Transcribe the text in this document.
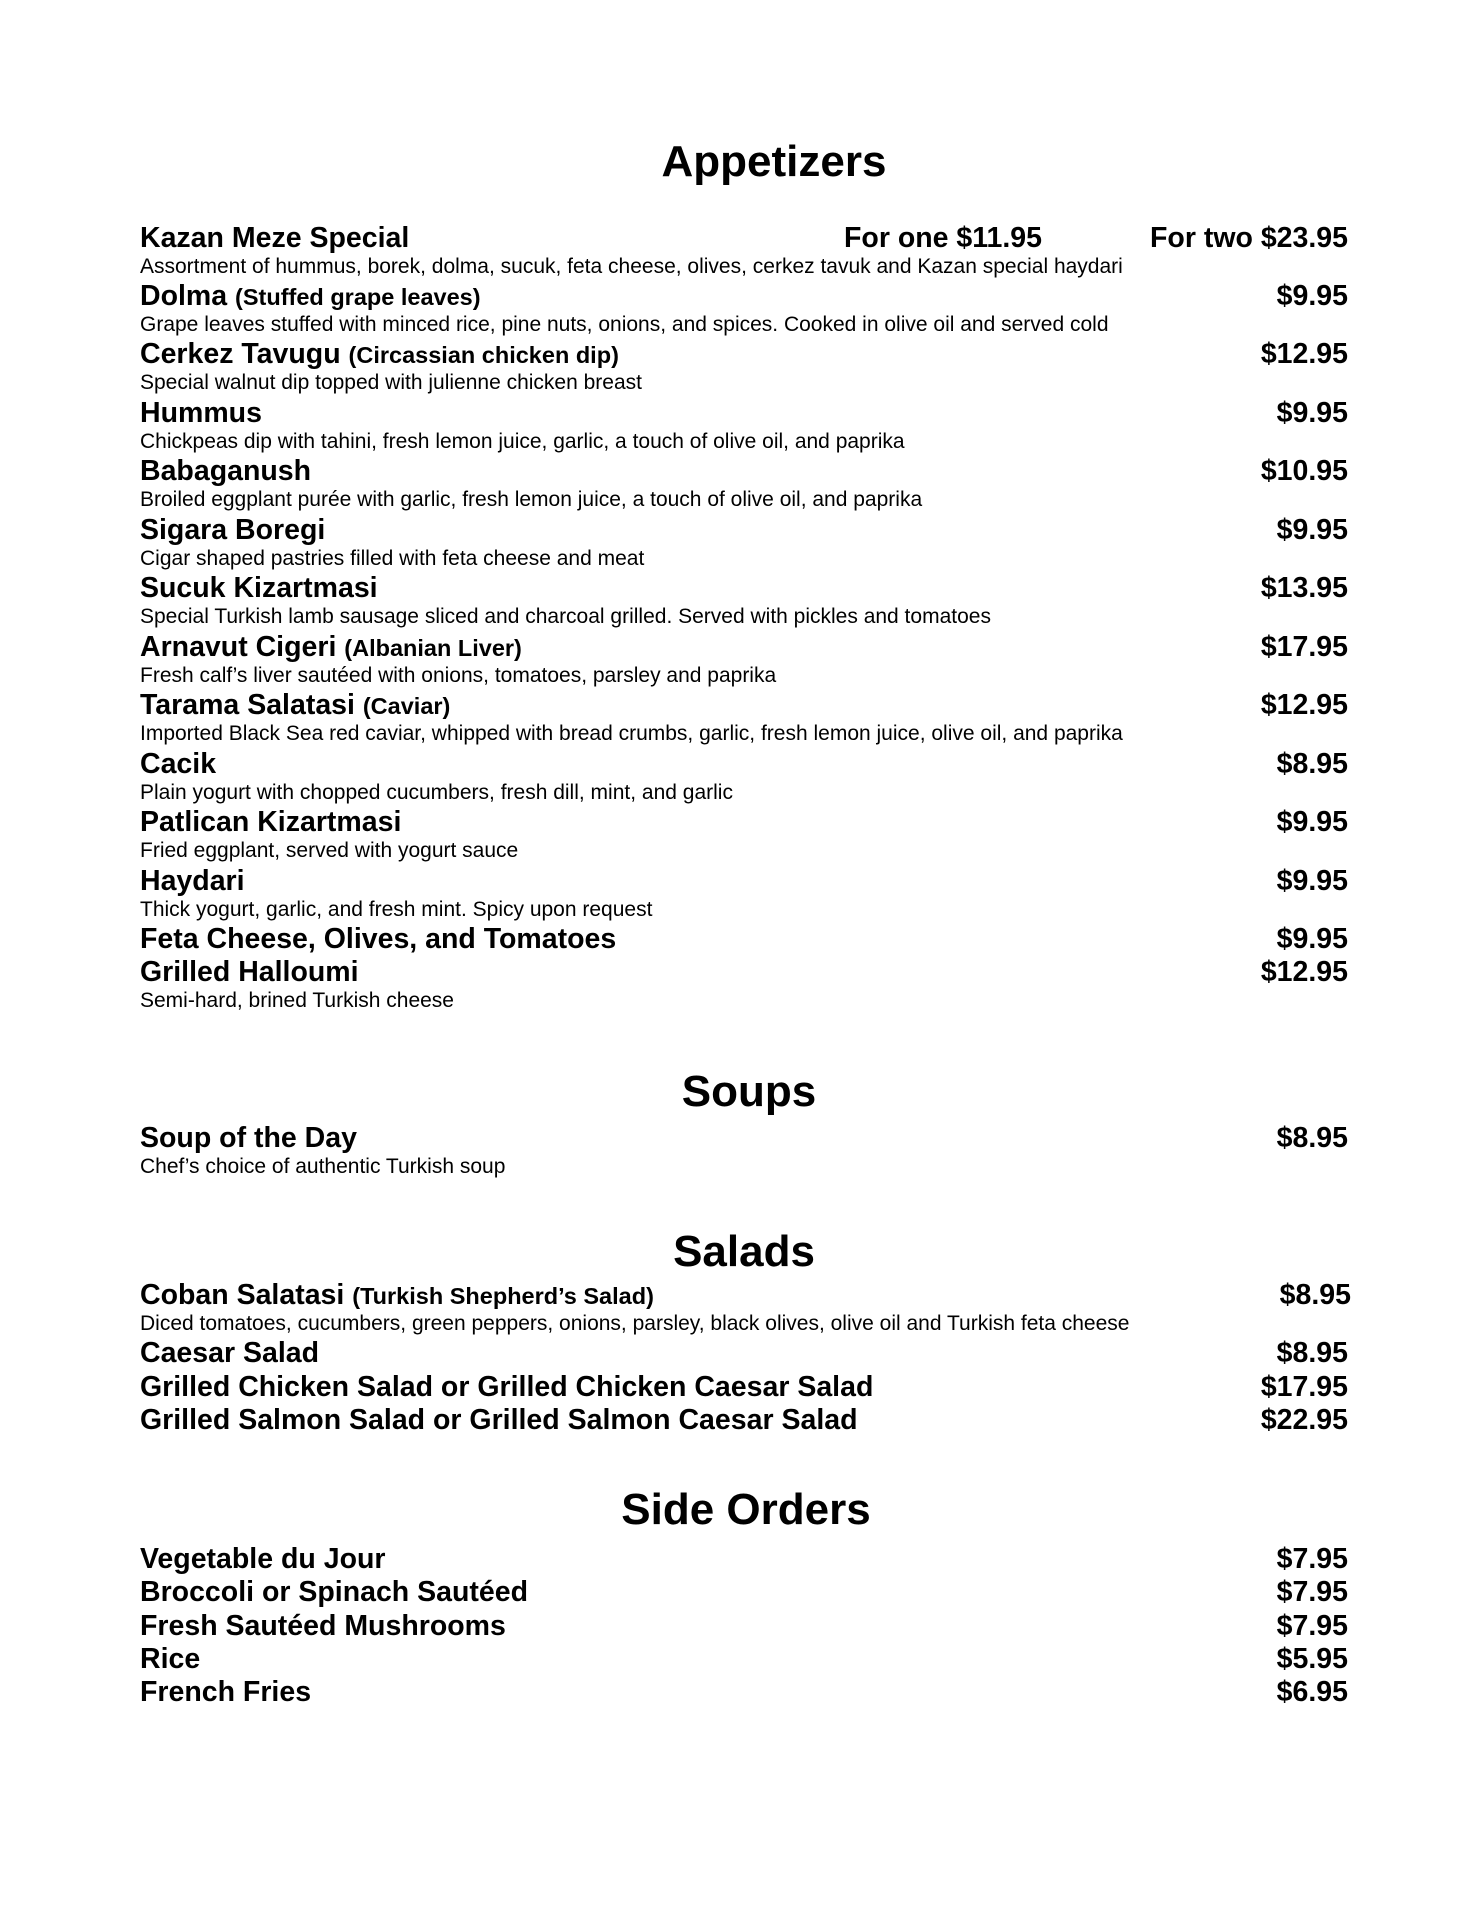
Appetizers
Kazan Meze Special	For one $11.95	For two $23.95

Assortment of hummus, borek, dolma, sucuk, feta cheese, olives, cerkez tavuk and Kazan special haydari

Dolma (Stuffed grape leaves)	$9.95

Grape leaves stuffed with minced rice, pine nuts, onions, and spices. Cooked in olive oil and served cold

Cerkez Tavugu (Circassian chicken dip)	$12.95

Special walnut dip topped with julienne chicken breast

Hummus	$9.95

Chickpeas dip with tahini, fresh lemon juice, garlic, a touch of olive oil, and paprika

Babaganush	$10.95

Broiled eggplant purée with garlic, fresh lemon juice, a touch of olive oil, and paprika

Sigara Boregi	$9.95

Cigar shaped pastries filled with feta cheese and meat

Sucuk Kizartmasi	$13.95

Special Turkish lamb sausage sliced and charcoal grilled. Served with pickles and tomatoes

Arnavut Cigeri (Albanian Liver)	$17.95

Fresh calf’s liver sautéed with onions, tomatoes, parsley and paprika

Tarama Salatasi (Caviar)	$12.95

Imported Black Sea red caviar, whipped with bread crumbs, garlic, fresh lemon juice, olive oil, and paprika

Cacik	$8.95

Plain yogurt with chopped cucumbers, fresh dill, mint, and garlic

Patlican Kizartmasi	$9.95

Fried eggplant, served with yogurt sauce

Haydari	$9.95

Thick yogurt, garlic, and fresh mint. Spicy upon request

Feta Cheese, Olives, and Tomatoes	$9.95
Grilled Halloumi	$12.95

Semi-hard, brined Turkish cheese

Soups
Soup of the Day	$8.95

Chef’s choice of authentic Turkish soup

Salads
Coban Salatasi (Turkish Shepherd’s Salad)	$8.95

Diced tomatoes, cucumbers, green peppers, onions, parsley, black olives, olive oil and Turkish feta cheese

Caesar Salad	$8.95
Grilled Chicken Salad or Grilled Chicken Caesar Salad	$17.95
Grilled Salmon Salad or Grilled Salmon Caesar Salad	$22.95
Side Orders
Vegetable du Jour	$7.95
Broccoli or Spinach Sautéed	$7.95
Fresh Sautéed Mushrooms	$7.95
Rice	$5.95
French Fries	$6.95
